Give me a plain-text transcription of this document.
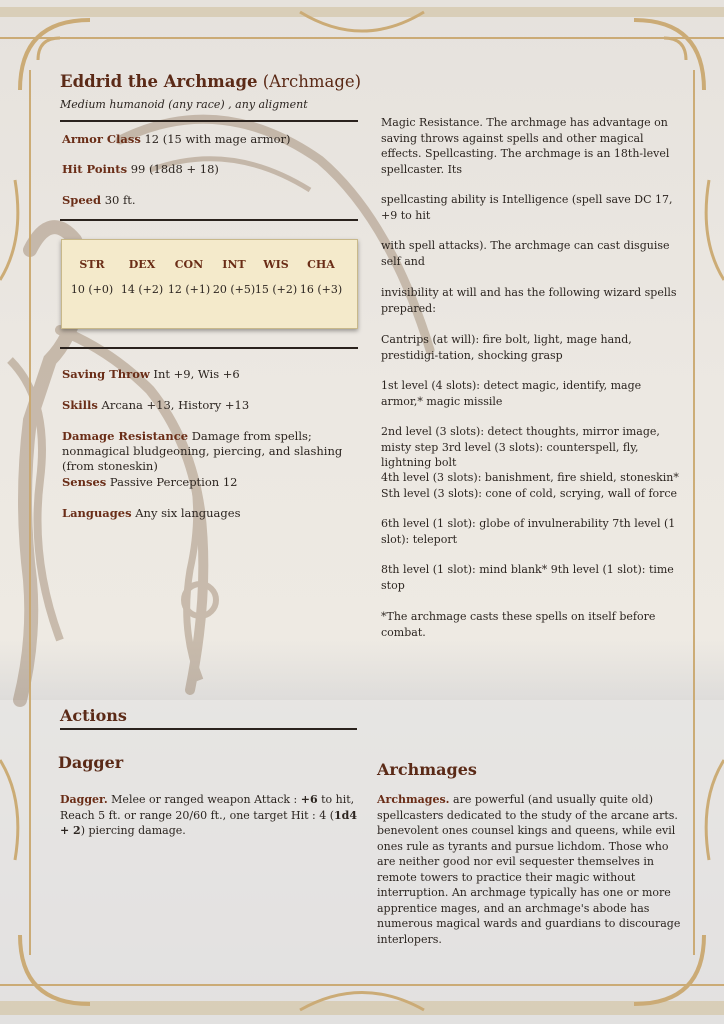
Eddrid the Archmage (Archmage)
Medium humanoid (any race) , any aligment
Armor Class 12 (15 with mage armor)
Hit Points 99 (18d8 + 18)
Speed 30 ft.
STR
10 (+0)
DEX
14 (+2)
CON
12 (+1)
INT
20 (+5)
WIS
15 (+2)
CHA
16 (+3)
Saving Throw Int +9, Wis +6
Skills Arcana +13, History +13
Damage Resistance Damage from spells; nonmagical bludgeoning, piercing, and slashing (from stoneskin)
Senses Passive Perception 12
Languages Any six languages
Magic Resistance. The archmage has advantage on saving throws against spells and other magical effects. Spellcasting. The archmage is an 18th-level spellcaster. Its
spellcasting ability is Intelligence (spell save DC 17, +9 to hit
with spell attacks). The archmage can cast disguise self and
invisibility at will and has the following wizard spells prepared:
Cantrips (at will): fire bolt, light, mage hand, prestidigi-tation, shocking grasp
1st level (4 slots): detect magic, identify, mage armor,* magic missile
2nd level (3 slots): detect thoughts, mirror image, misty step 3rd level (3 slots): counterspell, fly, lightning bolt
4th level (3 slots): banishment, fire shield, stoneskin* Sth level (3 slots): cone of cold, scrying, wall of force
6th level (1 slot): globe of invulnerability 7th level (1 slot): teleport
8th level (1 slot): mind blank* 9th level (1 slot): time stop
*The archmage casts these spells on itself before combat.
Actions
Dagger
Dagger. Melee or ranged weapon Attack : +6 to hit, Reach 5 ft. or range 20/60 ft., one target Hit : 4 (1d4 + 2) piercing damage.
Archmages
Archmages. are powerful (and usually quite old) spellcasters dedicated to the study of the arcane arts. benevolent ones counsel kings and queens, while evil ones rule as tyrants and pursue lichdom. Those who are neither good nor evil sequester themselves in remote towers to practice their magic without interruption. An archmage typically has one or more apprentice mages, and an archmage's abode has numerous magical wards and guardians to discourage interlopers.
